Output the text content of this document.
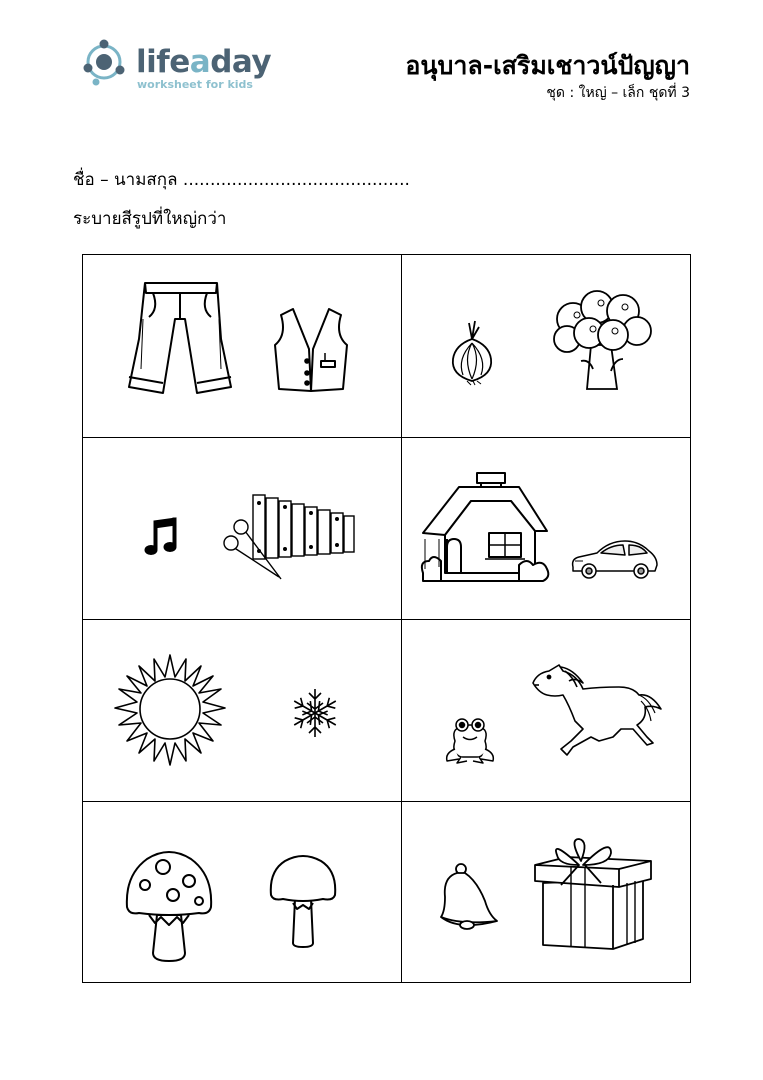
lifeaday
worksheet for kids
อนุบาล-เสริมเชาวน์ปัญญา
ชุด : ใหญ่ – เล็ก ชุดที่ 3
ชื่อ – นามสกุล ..........................................
ระบายสีรูปที่ใหญ่กว่า
